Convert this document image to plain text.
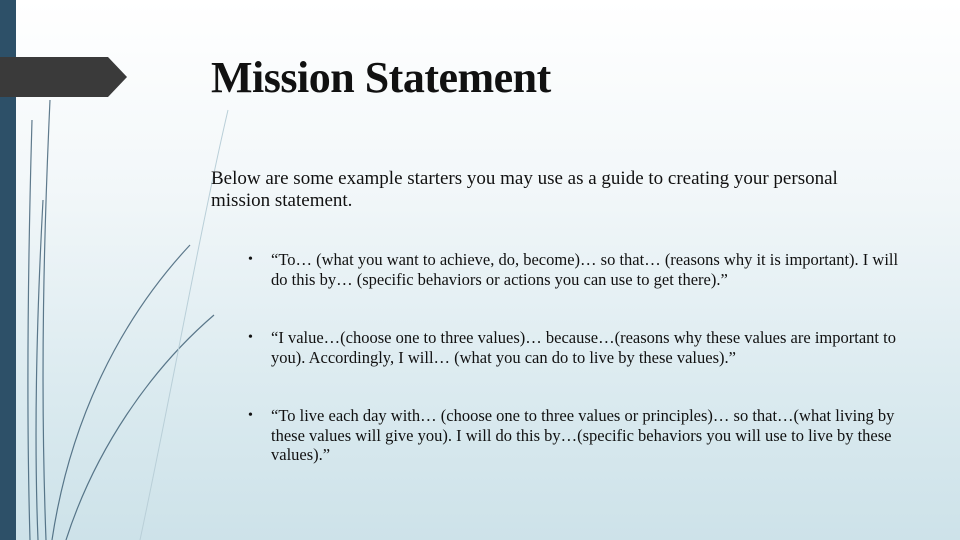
Mission Statement

Below are some example starters you may use as a guide to creating your personal mission statement.

• “To… (what you want to achieve, do, become)… so that… (reasons why it is important). I will do this by… (specific behaviors or actions you can use to get there).”
• “I value…(choose one to three values)… because…(reasons why these values are important to you). Accordingly, I will… (what you can do to live by these values).”
• “To live each day with… (choose one to three values or principles)… so that…(what living by these values will give you). I will do this by…(specific behaviors you will use to live by these values).”
